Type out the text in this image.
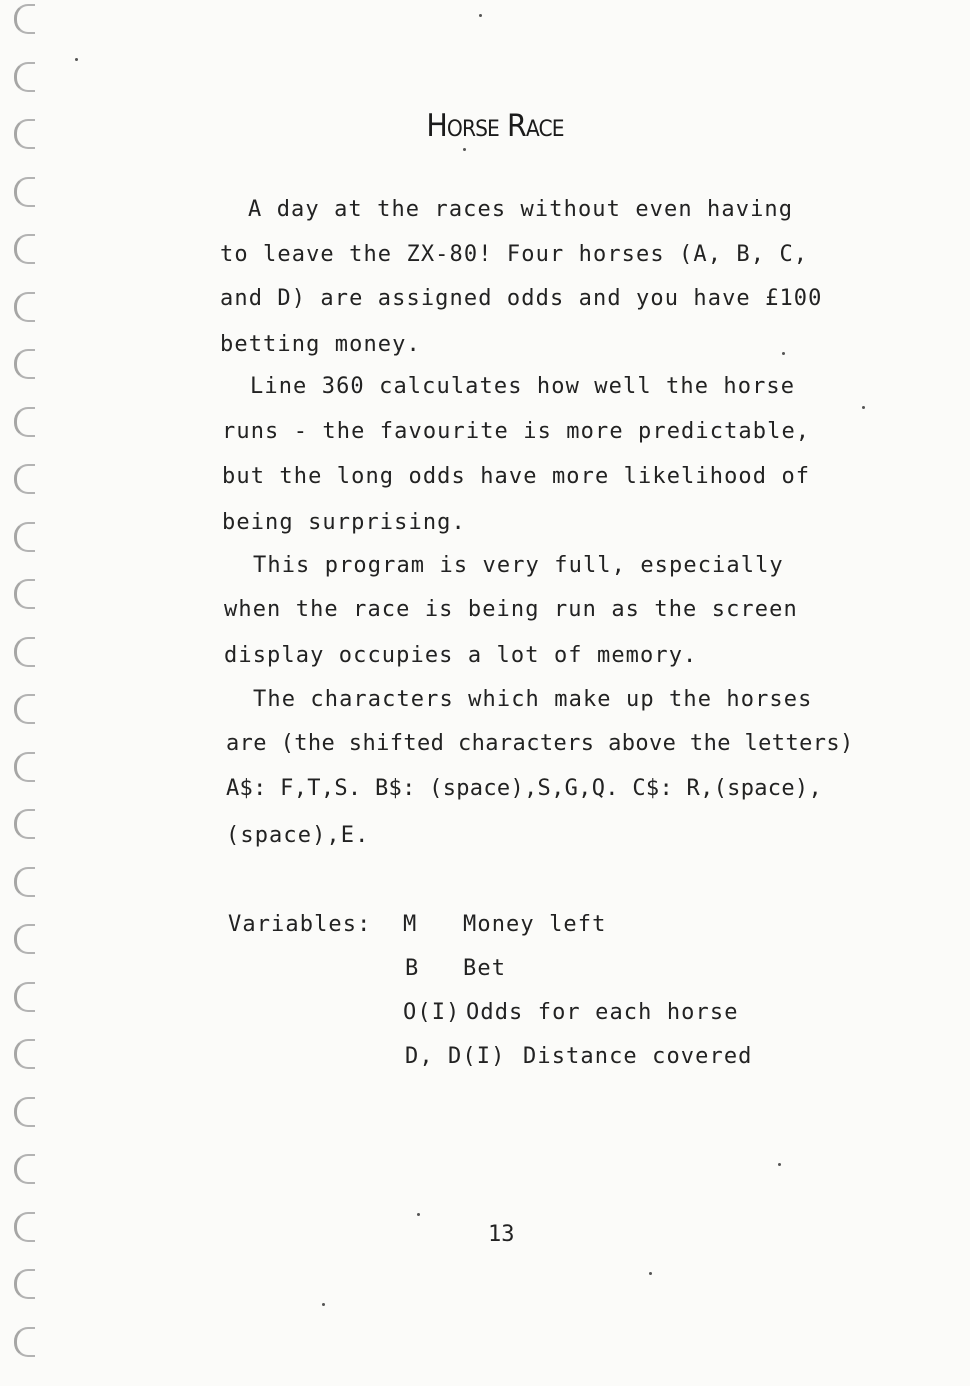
Horse Race
A day at the races without even having
to leave the ZX-80! Four horses (A, B, C,
and D) are assigned odds and you have £100
betting money.
Line 360 calculates how well the horse
runs - the favourite is more predictable,
but the long odds have more likelihood of
being surprising.
This program is very full, especially
when the race is being run as the screen
display occupies a lot of memory.
The characters which make up the horses
are (the shifted characters above the letters)
A$: F,T,S. B$: (space),S,G,Q. C$: R,(space),
(space),E.
Variables: M Money left
B Bet
O(I) Odds for each horse
D, D(I) Distance covered
13
